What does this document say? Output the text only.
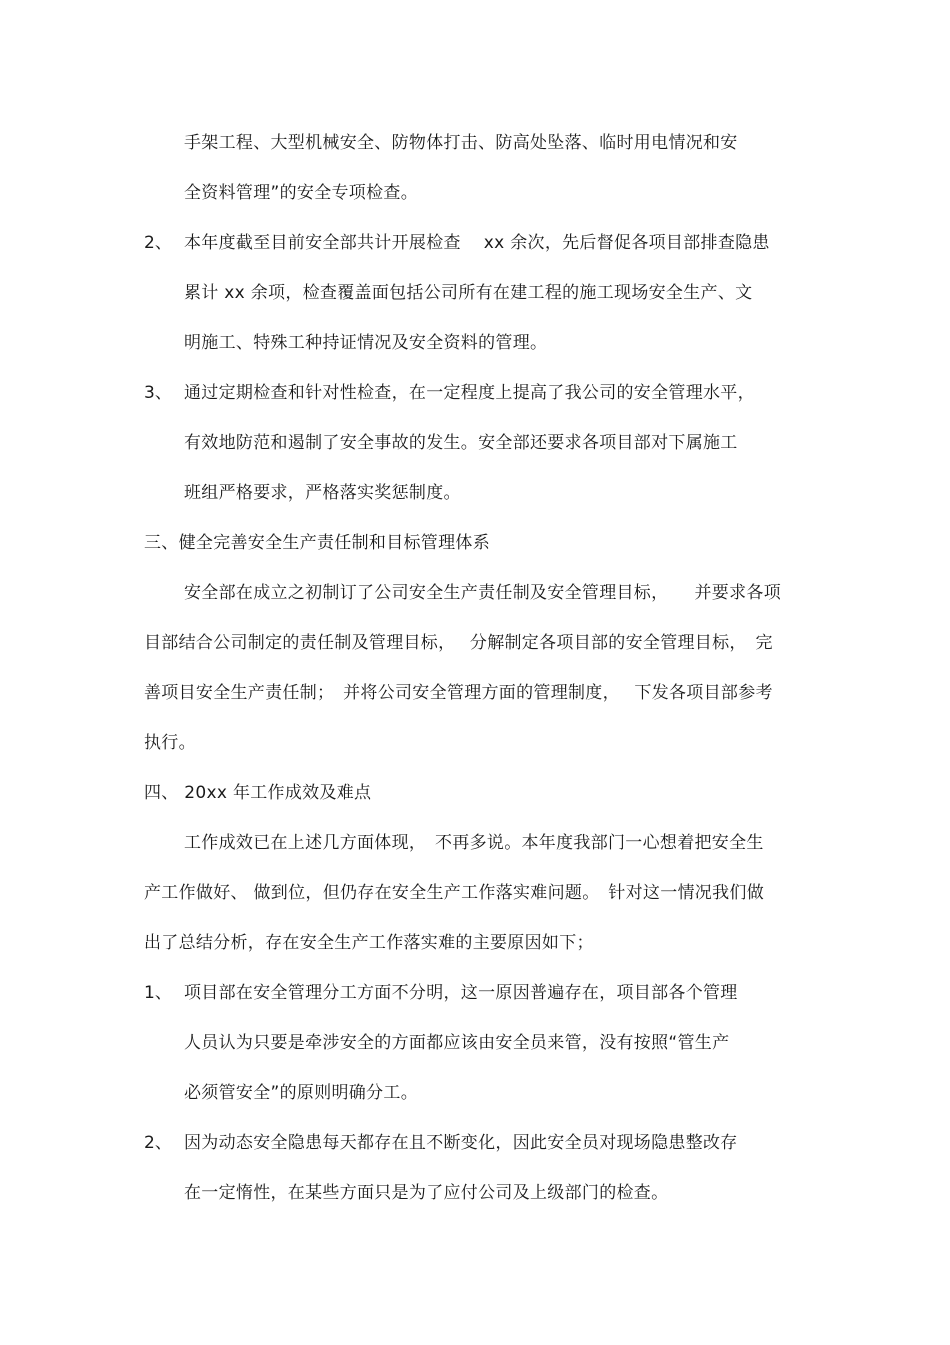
手架工程、大型机械安全、防物体打击、防高处坠落、临时用电情况和安
全资料管理”的安全专项检查。
2、 本年度截至目前安全部共计开展检查　 xx 余次，先后督促各项目部排查隐患
累计 xx 余项，检查覆盖面包括公司所有在建工程的施工现场安全生产、文
明施工、特殊工种持证情况及安全资料的管理。
3、 通过定期检查和针对性检查，在一定程度上提高了我公司的安全管理水平，
有效地防范和遏制了安全事故的发生。安全部还要求各项目部对下属施工
班组严格要求，严格落实奖惩制度。
三、健全完善安全生产责任制和目标管理体系
安全部在成立之初制订了公司安全生产责任制及安全管理目标，　　并要求各项
目部结合公司制定的责任制及管理目标，　 分解制定各项目部的安全管理目标，　完
善项目安全生产责任制；　并将公司安全管理方面的管理制度，　 下发各项目部参考
执行。
四、 20xx 年工作成效及难点
工作成效已在上述几方面体现，　不再多说。本年度我部门一心想着把安全生
产工作做好、 做到位，但仍存在安全生产工作落实难问题。　针对这一情况我们做
出了总结分析，存在安全生产工作落实难的主要原因如下；
1、 项目部在安全管理分工方面不分明，这一原因普遍存在，项目部各个管理
人员认为只要是牵涉安全的方面都应该由安全员来管，没有按照“管生产
必须管安全”的原则明确分工。
2、 因为动态安全隐患每天都存在且不断变化，因此安全员对现场隐患整改存
在一定惰性，在某些方面只是为了应付公司及上级部门的检查。
